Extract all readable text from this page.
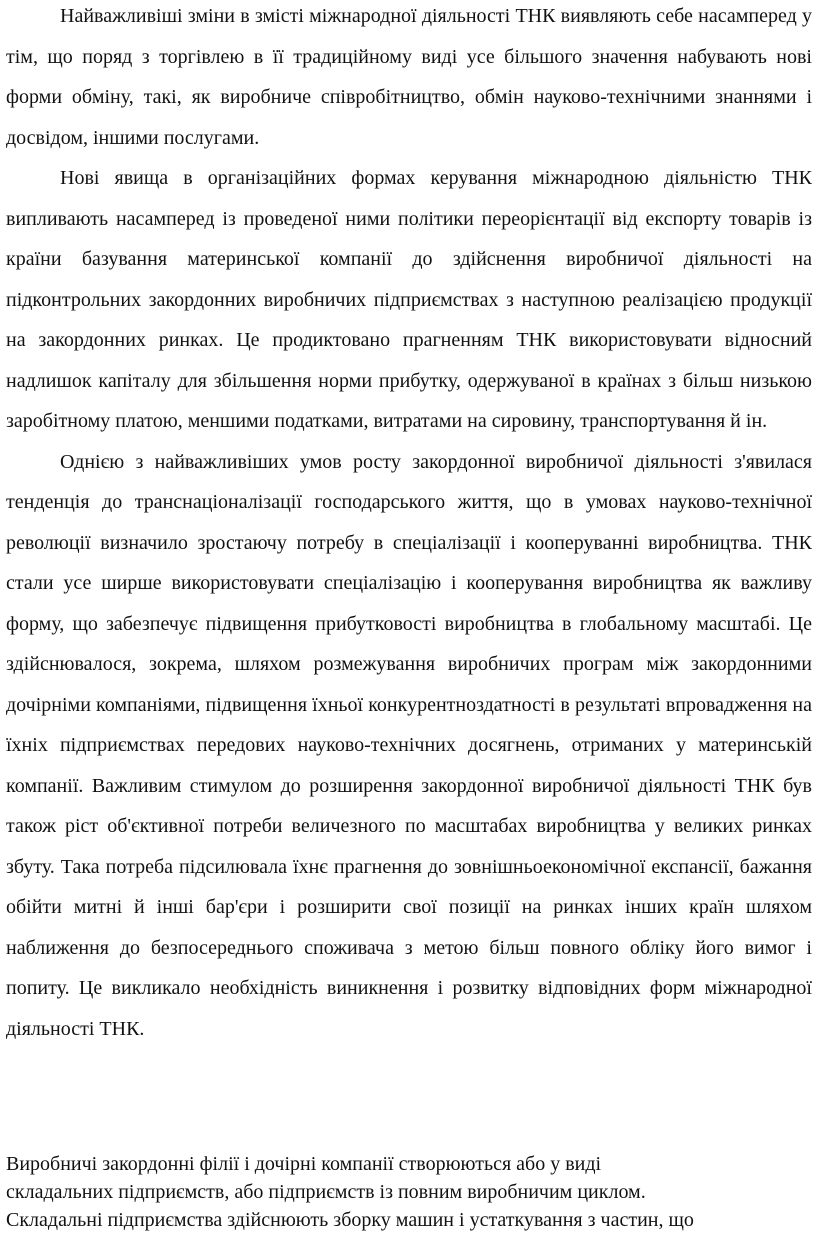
Найважливіші зміни в змісті міжнародної діяльності ТНК виявляють себе насамперед у тім, що поряд з торгівлею в її традиційному виді усе більшого значення набувають нові форми обміну, такі, як виробниче співробітництво, обмін науково-технічними знаннями і досвідом, іншими послугами.

Нові явища в організаційних формах керування міжнародною діяльністю ТНК випливають насамперед із проведеної ними політики переорієнтації від експорту товарів із країни базування материнської компанії до здійснення виробничої діяльності на підконтрольних закордонних виробничих підприємствах з наступною реалізацією продукції на закордонних ринках. Це продиктовано прагненням ТНК використовувати відносний надлишок капіталу для збільшення норми прибутку, одержуваної в країнах з більш низькою заробітному платою, меншими податками, витратами на сировину, транспортування й ін.

Однією з найважливіших умов росту закордонної виробничої діяльності з'явилася тенденція до транснаціоналізації господарського життя, що в умовах науково-технічної революції визначило зростаючу потребу в спеціалізації і кооперуванні виробництва. ТНК стали усе ширше використовувати спеціалізацію і кооперування виробництва як важливу форму, що забезпечує підвищення прибутковості виробництва в глобальному масштабі. Це здійснювалося, зокрема, шляхом розмежування виробничих програм між закордонними дочірніми компаніями, підвищення їхньої конкурентноздатності в результаті впровадження на їхніх підприємствах передових науково-технічних досягнень, отриманих у материнській компанії. Важливим стимулом до розширення закордонної виробничої діяльності ТНК був також ріст об'єктивної потреби величезного по масштабах виробництва у великих ринках збуту. Така потреба підсилювала їхнє прагнення до зовнішньоекономічної експансії, бажання обійти митні й інші бар'єри і розширити свої позиції на ринках інших країн шляхом наближення до безпосереднього споживача з метою більш повного обліку його вимог і попиту. Це викликало необхідність виникнення і розвитку відповідних форм міжнародної діяльності ТНК.

Виробничі закордонні філії і дочірні компанії створюються або у виді
складальних підприємств, або підприємств із повним виробничим циклом.
Складальні підприємства здійснюють зборку машин і устаткування з частин, що
